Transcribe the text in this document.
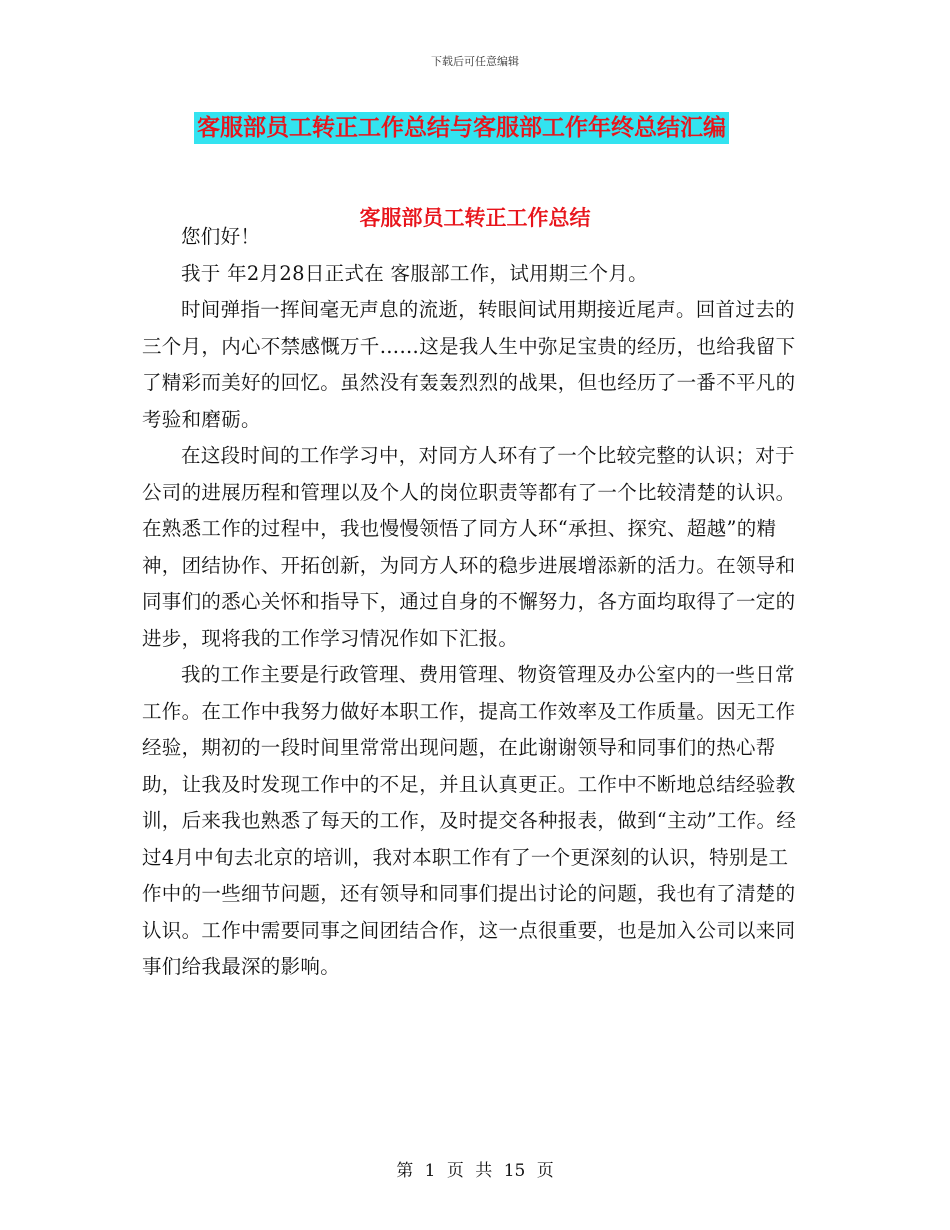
下载后可任意编辑
客服部员工转正工作总结与客服部工作年终总结汇编
客服部员工转正工作总结

您们好！

我于 年2月28日正式在 客服部工作，试用期三个月。

时间弹指一挥间毫无声息的流逝，转眼间试用期接近尾声。回首过去的三个月，内心不禁感慨万千……这是我人生中弥足宝贵的经历，也给我留下了精彩而美好的回忆。虽然没有轰轰烈烈的战果，但也经历了一番不平凡的考验和磨砺。

在这段时间的工作学习中，对同方人环有了一个比较完整的认识；对于公司的进展历程和管理以及个人的岗位职责等都有了一个比较清楚的认识。在熟悉工作的过程中，我也慢慢领悟了同方人环“承担、探究、超越”的精神，团结协作、开拓创新，为同方人环的稳步进展增添新的活力。在领导和同事们的悉心关怀和指导下，通过自身的不懈努力，各方面均取得了一定的进步，现将我的工作学习情况作如下汇报。

我的工作主要是行政管理、费用管理、物资管理及办公室内的一些日常工作。在工作中我努力做好本职工作，提高工作效率及工作质量。因无工作经验，期初的一段时间里常常出现问题，在此谢谢领导和同事们的热心帮助，让我及时发现工作中的不足，并且认真更正。工作中不断地总结经验教训，后来我也熟悉了每天的工作，及时提交各种报表，做到“主动”工作。经过4月中旬去北京的培训，我对本职工作有了一个更深刻的认识，特别是工作中的一些细节问题，还有领导和同事们提出讨论的问题，我也有了清楚的认识。工作中需要同事之间团结合作，这一点很重要，也是加入公司以来同事们给我最深的影响。

第 1 页 共 15 页
